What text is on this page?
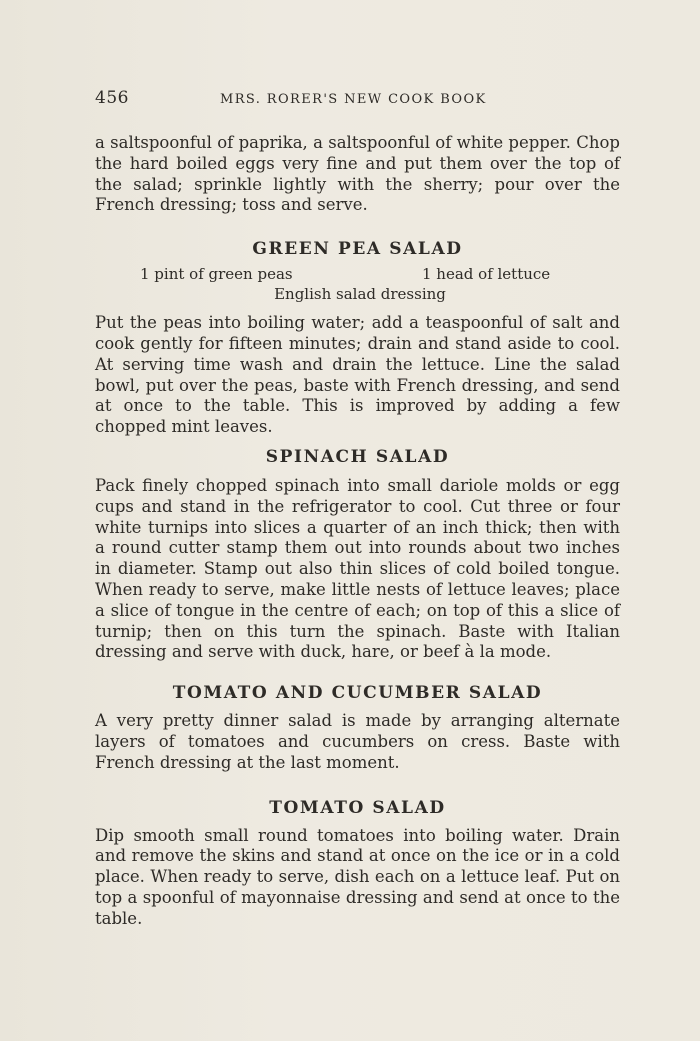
456	MRS. RORER'S NEW COOK BOOK

a saltspoonful of paprika, a saltspoonful of white pepper. Chop the hard boiled eggs very fine and put them over the top of the salad; sprinkle lightly with the sherry; pour over the French dressing; toss and serve.

GREEN PEA SALAD
1 pint of green peas	1 head of lettuce
English salad dressing

Put the peas into boiling water; add a teaspoonful of salt and cook gently for fifteen minutes; drain and stand aside to cool. At serving time wash and drain the lettuce. Line the salad bowl, put over the peas, baste with French dressing, and send at once to the table. This is improved by adding a few chopped mint leaves.

SPINACH SALAD

Pack finely chopped spinach into small dariole molds or egg cups and stand in the refrigerator to cool. Cut three or four white turnips into slices a quarter of an inch thick; then with a round cutter stamp them out into rounds about two inches in diameter. Stamp out also thin slices of cold boiled tongue. When ready to serve, make little nests of lettuce leaves; place a slice of tongue in the centre of each; on top of this a slice of turnip; then on this turn the spinach. Baste with Italian dressing and serve with duck, hare, or beef à la mode.

TOMATO AND CUCUMBER SALAD

A very pretty dinner salad is made by arranging alternate layers of tomatoes and cucumbers on cress. Baste with French dressing at the last moment.

TOMATO SALAD

Dip smooth small round tomatoes into boiling water. Drain and remove the skins and stand at once on the ice or in a cold place. When ready to serve, dish each on a lettuce leaf. Put on top a spoonful of mayonnaise dressing and send at once to the table.
